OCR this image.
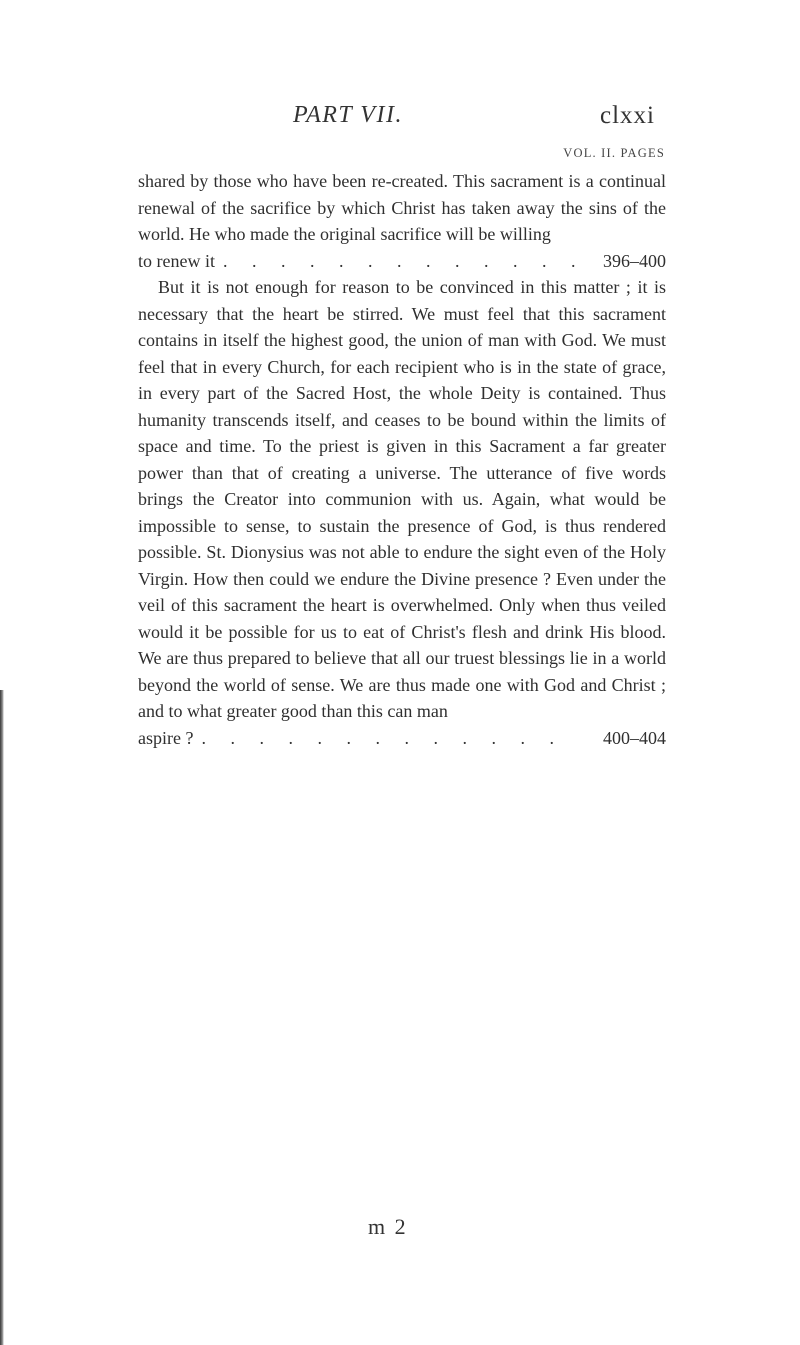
PART VII.	clxxi
VOL. II. PAGES

shared by those who have been re-created. This sacrament is a continual renewal of the sacrifice by which Christ has taken away the sins of the world. He who made the original sacrifice will be willing

to renew it . . . . . . . . . . . . . 396–400

But it is not enough for reason to be convinced in this matter ; it is necessary that the heart be stirred. We must feel that this sacrament contains in itself the highest good, the union of man with God. We must feel that in every Church, for each recipient who is in the state of grace, in every part of the Sacred Host, the whole Deity is contained. Thus humanity transcends itself, and ceases to be bound within the limits of space and time. To the priest is given in this Sacrament a far greater power than that of creating a universe. The utterance of five words brings the Creator into communion with us. Again, what would be impossible to sense, to sustain the presence of God, is thus rendered possible. St. Dionysius was not able to endure the sight even of the Holy Virgin. How then could we endure the Divine presence ? Even under the veil of this sacrament the heart is overwhelmed. Only when thus veiled would it be possible for us to eat of Christ's flesh and drink His blood. We are thus prepared to believe that all our truest blessings lie in a world beyond the world of sense. We are thus made one with God and Christ ; and to what greater good than this can man

aspire ? . . . . . . . . . . . . .	400–404

m 2
